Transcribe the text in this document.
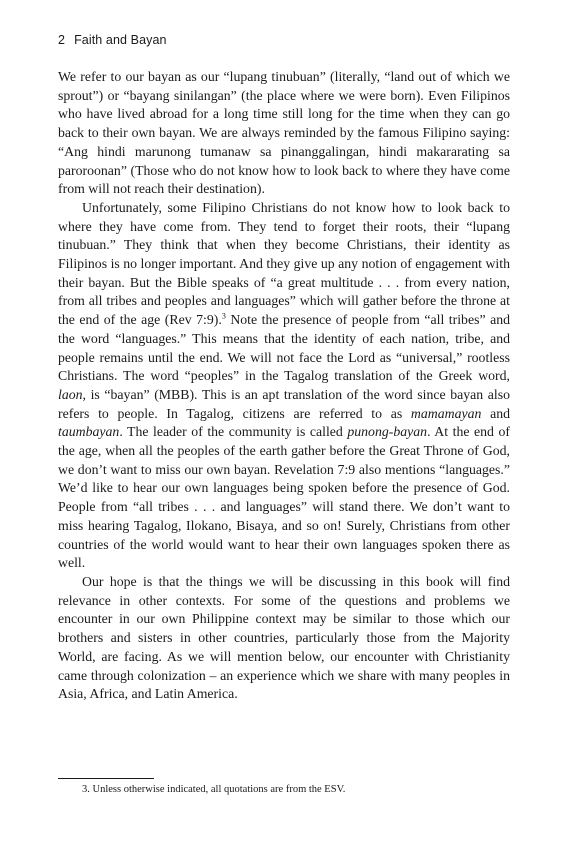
2 Faith and Bayan

We refer to our bayan as our “lupang tinubuan” (literally, “land out of which we sprout”) or “bayang sinilangan” (the place where we were born). Even Filipinos who have lived abroad for a long time still long for the time when they can go back to their own bayan. We are always reminded by the famous Filipino saying: “Ang hindi marunong tumanaw sa pinanggalingan, hindi makararating sa paroroonan” (Those who do not know how to look back to where they have come from will not reach their destination).

Unfortunately, some Filipino Christians do not know how to look back to where they have come from. They tend to forget their roots, their “lupang tinubuan.” They think that when they become Christians, their identity as Filipinos is no longer important. And they give up any notion of engagement with their bayan. But the Bible speaks of “a great multitude . . . from every nation, from all tribes and peoples and languages” which will gather before the throne at the end of the age (Rev 7:9).$^3$ Note the presence of people from “all tribes” and the word “languages.” This means that the identity of each nation, tribe, and people remains until the end. We will not face the Lord as “universal,” rootless Christians. The word “peoples” in the Tagalog translation of the Greek word, laon, is “bayan” (MBB). This is an apt translation of the word since bayan also refers to people. In Tagalog, citizens are referred to as mamamayan and taumbayan. The leader of the community is called punong-bayan. At the end of the age, when all the peoples of the earth gather before the Great Throne of God, we don’t want to miss our own bayan. Revelation 7:9 also mentions “languages.” We’d like to hear our own languages being spoken before the presence of God. People from “all tribes . . . and languages” will stand there. We don’t want to miss hearing Tagalog, Ilokano, Bisaya, and so on! Surely, Christians from other countries of the world would want to hear their own languages spoken there as well.

Our hope is that the things we will be discussing in this book will find relevance in other contexts. For some of the questions and problems we encounter in our own Philippine context may be similar to those which our brothers and sisters in other countries, particularly those from the Majority World, are facing. As we will mention below, our encounter with Christianity came through colonization – an experience which we share with many peoples in Asia, Africa, and Latin America.

3. Unless otherwise indicated, all quotations are from the ESV.
